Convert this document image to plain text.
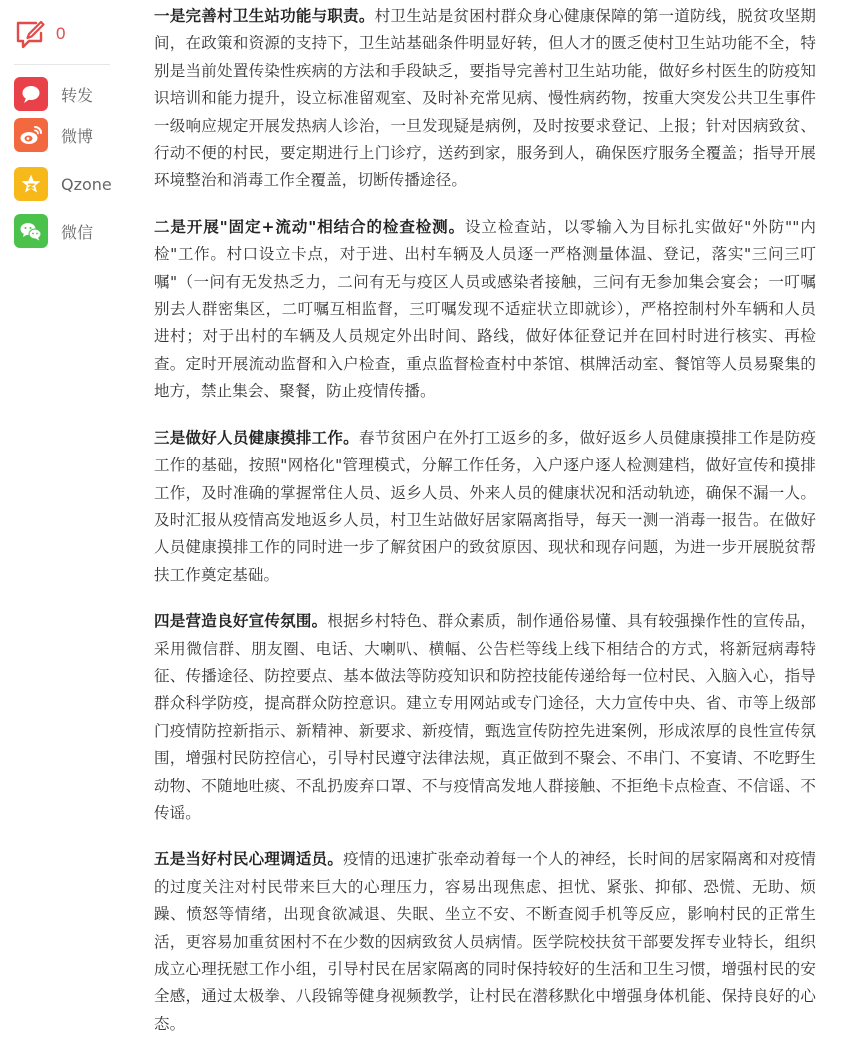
0
转发
微博
Qzone
微信

一是完善村卫生站功能与职责。村卫生站是贫困村群众身心健康保障的第一道防线，脱贫攻坚期间，在政策和资源的支持下，卫生站基础条件明显好转，但人才的匮乏使村卫生站功能不全，特别是当前处置传染性疾病的方法和手段缺乏，要指导完善村卫生站功能，做好乡村医生的防疫知识培训和能力提升，设立标准留观室、及时补充常见病、慢性病药物，按重大突发公共卫生事件一级响应规定开展发热病人诊治，一旦发现疑是病例，及时按要求登记、上报；针对因病致贫、行动不便的村民，要定期进行上门诊疗，送药到家，服务到人，确保医疗服务全覆盖；指导开展环境整治和消毒工作全覆盖，切断传播途径。

二是开展"固定+流动"相结合的检查检测。设立检查站，以零输入为目标扎实做好"外防""内检"工作。村口设立卡点，对于进、出村车辆及人员逐一严格测量体温、登记，落实"三问三叮嘱"（一问有无发热乏力，二问有无与疫区人员或感染者接触，三问有无参加集会宴会；一叮嘱别去人群密集区，二叮嘱互相监督，三叮嘱发现不适症状立即就诊），严格控制村外车辆和人员进村；对于出村的车辆及人员规定外出时间、路线，做好体征登记并在回村时进行核实、再检查。定时开展流动监督和入户检查，重点监督检查村中茶馆、棋牌活动室、餐馆等人员易聚集的地方，禁止集会、聚餐，防止疫情传播。

三是做好人员健康摸排工作。春节贫困户在外打工返乡的多，做好返乡人员健康摸排工作是防疫工作的基础，按照"网格化"管理模式，分解工作任务，入户逐户逐人检测建档，做好宣传和摸排工作，及时准确的掌握常住人员、返乡人员、外来人员的健康状况和活动轨迹，确保不漏一人。及时汇报从疫情高发地返乡人员，村卫生站做好居家隔离指导，每天一测一消毒一报告。在做好人员健康摸排工作的同时进一步了解贫困户的致贫原因、现状和现存问题，为进一步开展脱贫帮扶工作奠定基础。

四是营造良好宣传氛围。根据乡村特色、群众素质，制作通俗易懂、具有较强操作性的宣传品，采用微信群、朋友圈、电话、大喇叭、横幅、公告栏等线上线下相结合的方式，将新冠病毒特征、传播途径、防控要点、基本做法等防疫知识和防控技能传递给每一位村民、入脑入心，指导群众科学防疫，提高群众防控意识。建立专用网站或专门途径，大力宣传中央、省、市等上级部门疫情防控新指示、新精神、新要求、新疫情，甄选宣传防控先进案例，形成浓厚的良性宣传氛围，增强村民防控信心，引导村民遵守法律法规，真正做到不聚会、不串门、不宴请、不吃野生动物、不随地吐痰、不乱扔废弃口罩、不与疫情高发地人群接触、不拒绝卡点检查、不信谣、不传谣。

五是当好村民心理调适员。疫情的迅速扩张牵动着每一个人的神经，长时间的居家隔离和对疫情的过度关注对村民带来巨大的心理压力，容易出现焦虑、担忧、紧张、抑郁、恐慌、无助、烦躁、愤怒等情绪，出现食欲减退、失眠、坐立不安、不断查阅手机等反应，影响村民的正常生活，更容易加重贫困村不在少数的因病致贫人员病情。医学院校扶贫干部要发挥专业特长，组织成立心理抚慰工作小组，引导村民在居家隔离的同时保持较好的生活和卫生习惯，增强村民的安全感，通过太极拳、八段锦等健身视频教学，让村民在潜移默化中增强身体机能、保持良好的心态。
